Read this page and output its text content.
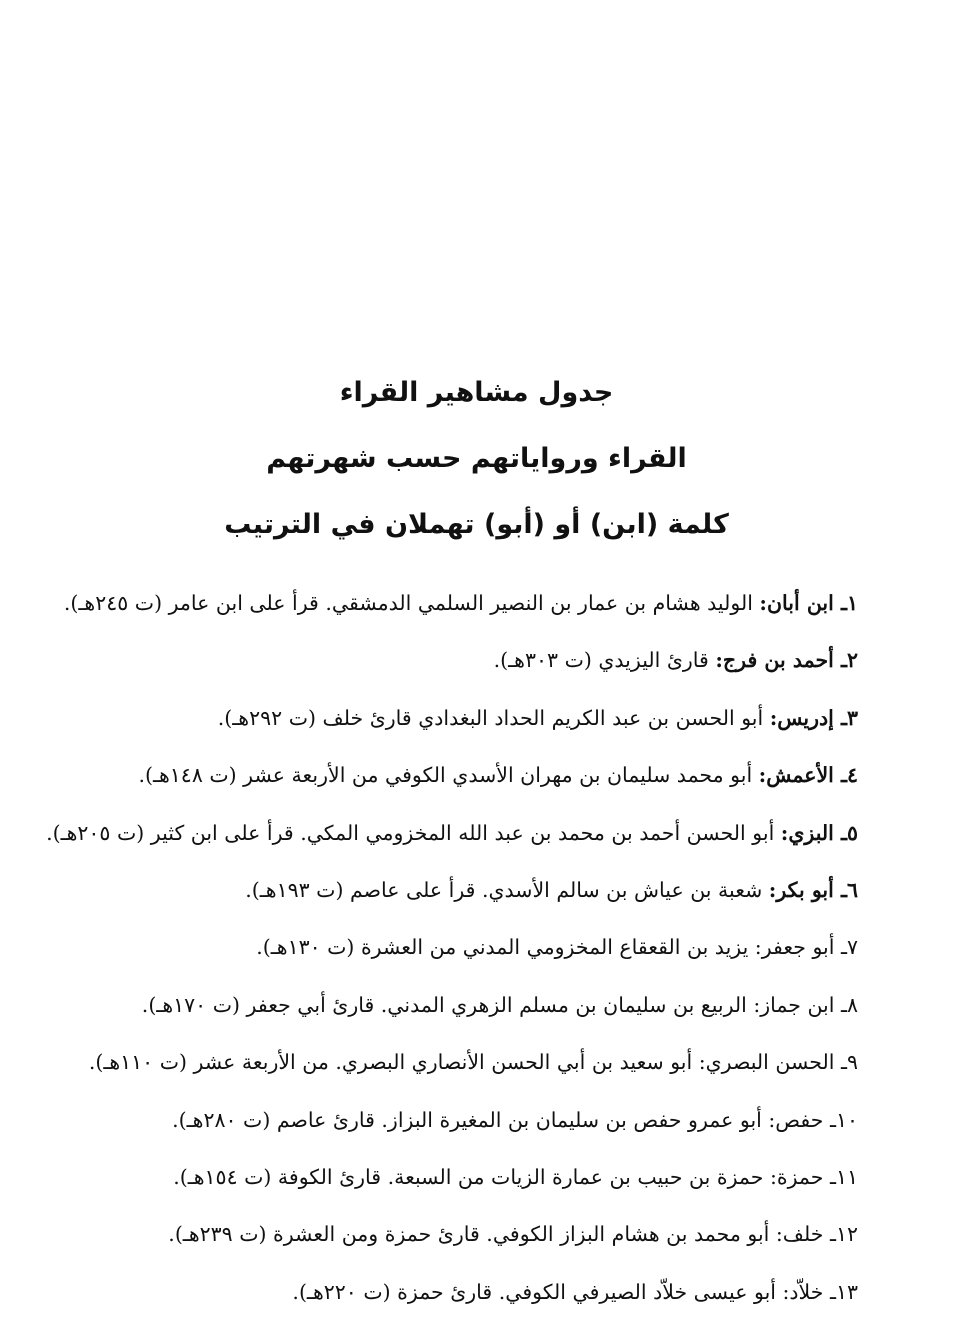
جدول مشاهير القراء
القراء ورواياتهم حسب شهرتهم
كلمة (ابن) أو (أبو) تهملان في الترتيب
١ـ ابن أبان: الوليد هشام بن عمار بن النصير السلمي الدمشقي. قرأ على ابن عامر (ت ٢٤٥هـ).
٢ـ أحمد بن فرج: قارئ اليزيدي (ت ٣٠٣هـ).
٣ـ إدريس: أبو الحسن بن عبد الكريم الحداد البغدادي قارئ خلف (ت ٢٩٢هـ).
٤ـ الأعمش: أبو محمد سليمان بن مهران الأسدي الكوفي من الأربعة عشر (ت ١٤٨هـ).
٥ـ البزي: أبو الحسن أحمد بن محمد بن عبد الله المخزومي المكي. قرأ على ابن كثير (ت ٢٠٥هـ).
٦ـ أبو بكر: شعبة بن عياش بن سالم الأسدي. قرأ على عاصم (ت ١٩٣هـ).
٧ـ أبو جعفر: يزيد بن القعقاع المخزومي المدني من العشرة (ت ١٣٠هـ).
٨ـ ابن جماز: الربيع بن سليمان بن مسلم الزهري المدني. قارئ أبي جعفر (ت ١٧٠هـ).
٩ـ الحسن البصري: أبو سعيد بن أبي الحسن الأنصاري البصري. من الأربعة عشر (ت ١١٠هـ).
١٠ـ حفص: أبو عمرو حفص بن سليمان بن المغيرة البزاز. قارئ عاصم (ت ٢٨٠هـ).
١١ـ حمزة: حمزة بن حبيب بن عمارة الزيات من السبعة. قارئ الكوفة (ت ١٥٤هـ).
١٢ـ خلف: أبو محمد بن هشام البزاز الكوفي. قارئ حمزة ومن العشرة (ت ٢٣٩هـ).
١٣ـ خلاّد: أبو عيسى خلاّد الصيرفي الكوفي. قارئ حمزة (ت ٢٢٠هـ).
